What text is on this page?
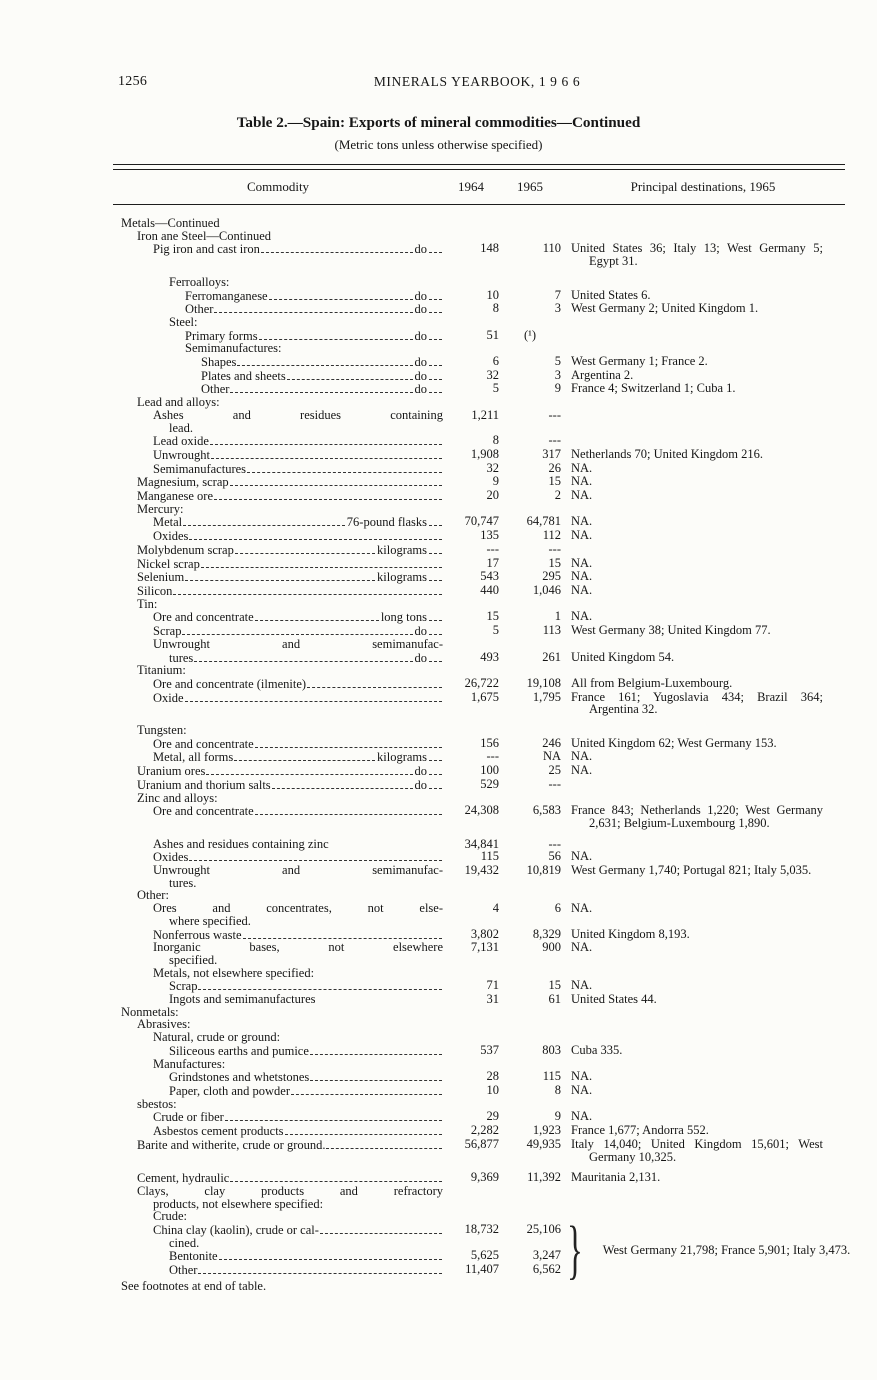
1256	MINERALS YEARBOOK, 1 9 6 6
Table 2.—Spain: Exports of mineral commodities—Continued
(Metric tons unless otherwise specified)
Commodity	1964	1965	Principal destinations, 1965
Metals—Continued
Iron ane Steel—Continued
Pig iron and cast iron	do	148	110 United States 36; Italy 13; West Germany 5; Egypt 31.
Ferroalloys:
Ferromanganese	do	10	7 United States 6.
Other	do	8	3 West Germany 2; United Kingdom 1.
Steel:
Primary forms	do	51	(¹)
Semimanufactures:
Shapes	do	6	5 West Germany 1; France 2.
Plates and sheets	do	32	3 Argentina 2.
Other	do	5	9 France 4; Switzerland 1; Cuba 1.
Lead and alloys:
Ashes and residues containing	1,211	---
lead.
Lead oxide	8	---
Unwrought	1,908	317 Netherlands 70; United Kingdom 216.
Semimanufactures	32	26 NA.
Magnesium, scrap	9	15 NA.
Manganese ore	20	2 NA.
Mercury:
Metal	76-pound flasks	70,747	64,781 NA.
Oxides	135	112 NA.
Molybdenum scrap	kilograms	---	---
Nickel scrap	17	15 NA.
Selenium	kilograms	543	295 NA.
Silicon	440	1,046 NA.
Tin:
Ore and concentrate	long tons	15	1 NA.
Scrap	do	5	113 West Germany 38; United Kingdom 77.
Unwrought and semimanufac-
tures	do	493	261 United Kingdom 54.
Titanium:
Ore and concentrate (ilmenite)	26,722	19,108 All from Belgium-Luxembourg.
Oxide	1,675	1,795 France 161; Yugoslavia 434; Brazil 364; Argentina 32.
Tungsten:
Ore and concentrate	156	246 United Kingdom 62; West Germany 153.
Metal, all forms	kilograms	---	NA NA.
Uranium ores	do	100	25 NA.
Uranium and thorium salts	do	529	---
Zinc and alloys:
Ore and concentrate	24,308	6,583 France 843; Netherlands 1,220; West Germany 2,631; Belgium-Luxembourg 1,890.
Ashes and residues containing zinc	34,841	---
Oxides	115	56 NA.
Unwrought and semimanufac-	19,432	10,819 West Germany 1,740; Portugal 821; Italy 5,035.
tures.
Other:
Ores and concentrates, not else-	4	6 NA.
where specified.
Nonferrous waste	3,802	8,329 United Kingdom 8,193.
Inorganic bases, not elsewhere	7,131	900 NA.
specified.
Metals, not elsewhere specified:
Scrap	71	15 NA.
Ingots and semimanufactures	31	61 United States 44.
Nonmetals:
Abrasives:
Natural, crude or ground:
Siliceous earths and pumice	537	803 Cuba 335.
Manufactures:
Grindstones and whetstones	28	115 NA.
Paper, cloth and powder	10	8 NA.
sbestos:
Crude or fiber	29	9 NA.
Asbestos cement products	2,282	1,923 France 1,677; Andorra 552.
Barite and witherite, crude or ground.	56,877	49,935 Italy 14,040; United Kingdom 15,601; West Germany 10,325.
Cement, hydraulic	9,369	11,392 Mauritania 2,131.
Clays, clay products and refractory
products, not elsewhere specified:
Crude:
China clay (kaolin), crude or cal-	18,732	25,106
cined.
Bentonite	5,625	3,247
Other	11,407	6,562 } West Germany 21,798; France 5,901; Italy 3,473.
See footnotes at end of table.
